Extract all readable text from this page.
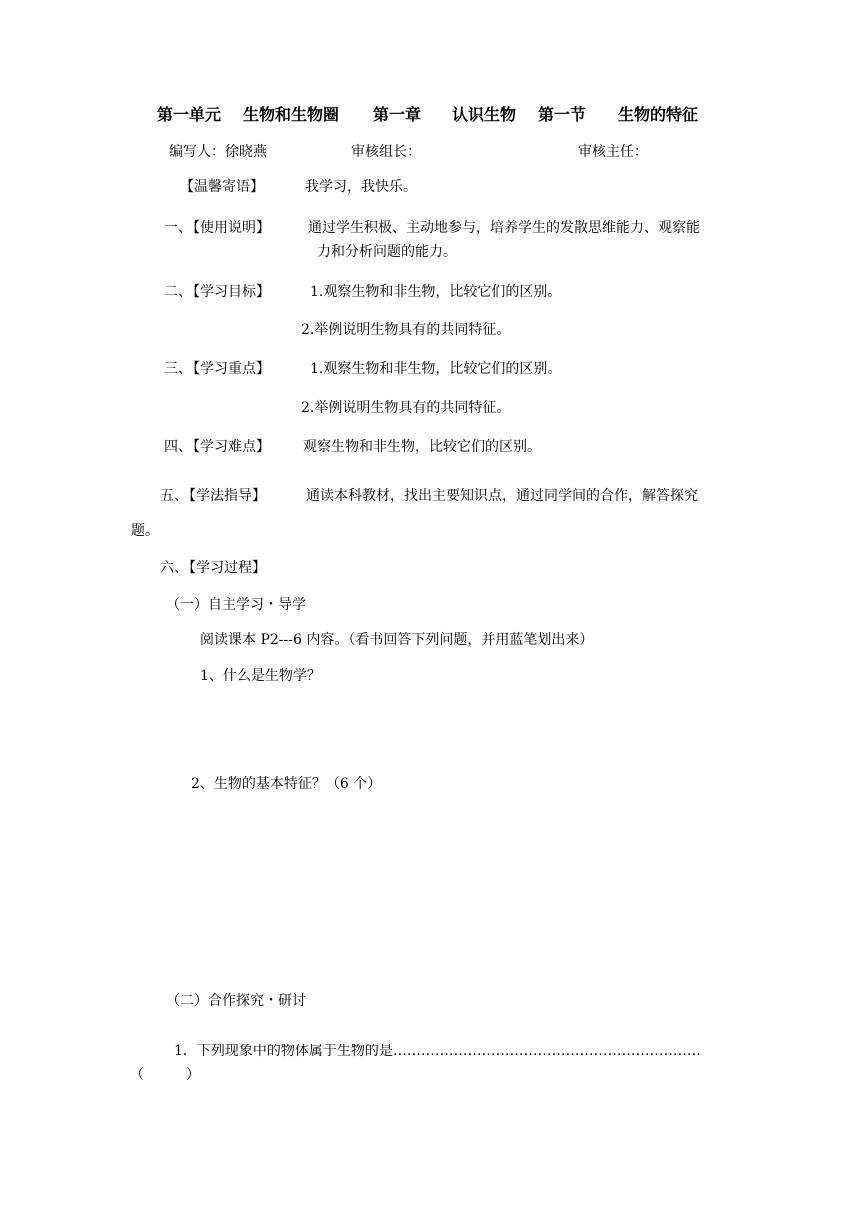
第一单元 生物和生物圈 第一章 认识生物 第一节 生物的特征
编写人：徐晓燕	审核组长：	审核主任：
【温馨寄语】	我学习，我快乐。
一、
【使用说明】	通过学生积极、主动地参与，培养学生的发散思维能力、观察能
力和分析问题的能力。
二、
【学习目标】	1.观察生物和非生物，比较它们的区别。
2.举例说明生物具有的共同特征。
三、
【学习重点】	1.观察生物和非生物，比较它们的区别。
2.举例说明生物具有的共同特征。
四、
【学习难点】 观察生物和非生物，比较它们的区别。
五、
【学法指导】	通读本科教材，找出主要知识点，通过同学间的合作，解答探究
题。
六、
【学习过程】
（一）自主学习・导学
阅读课本 P2---6 内容。（看书回答下列问题，并用蓝笔划出来）
1、什么是生物学？
2、生物的基本特征？（6 个）
（二）合作探究・研讨
1．下列现象中的物体属于生物的是…………………………………………………………
（　　　）
